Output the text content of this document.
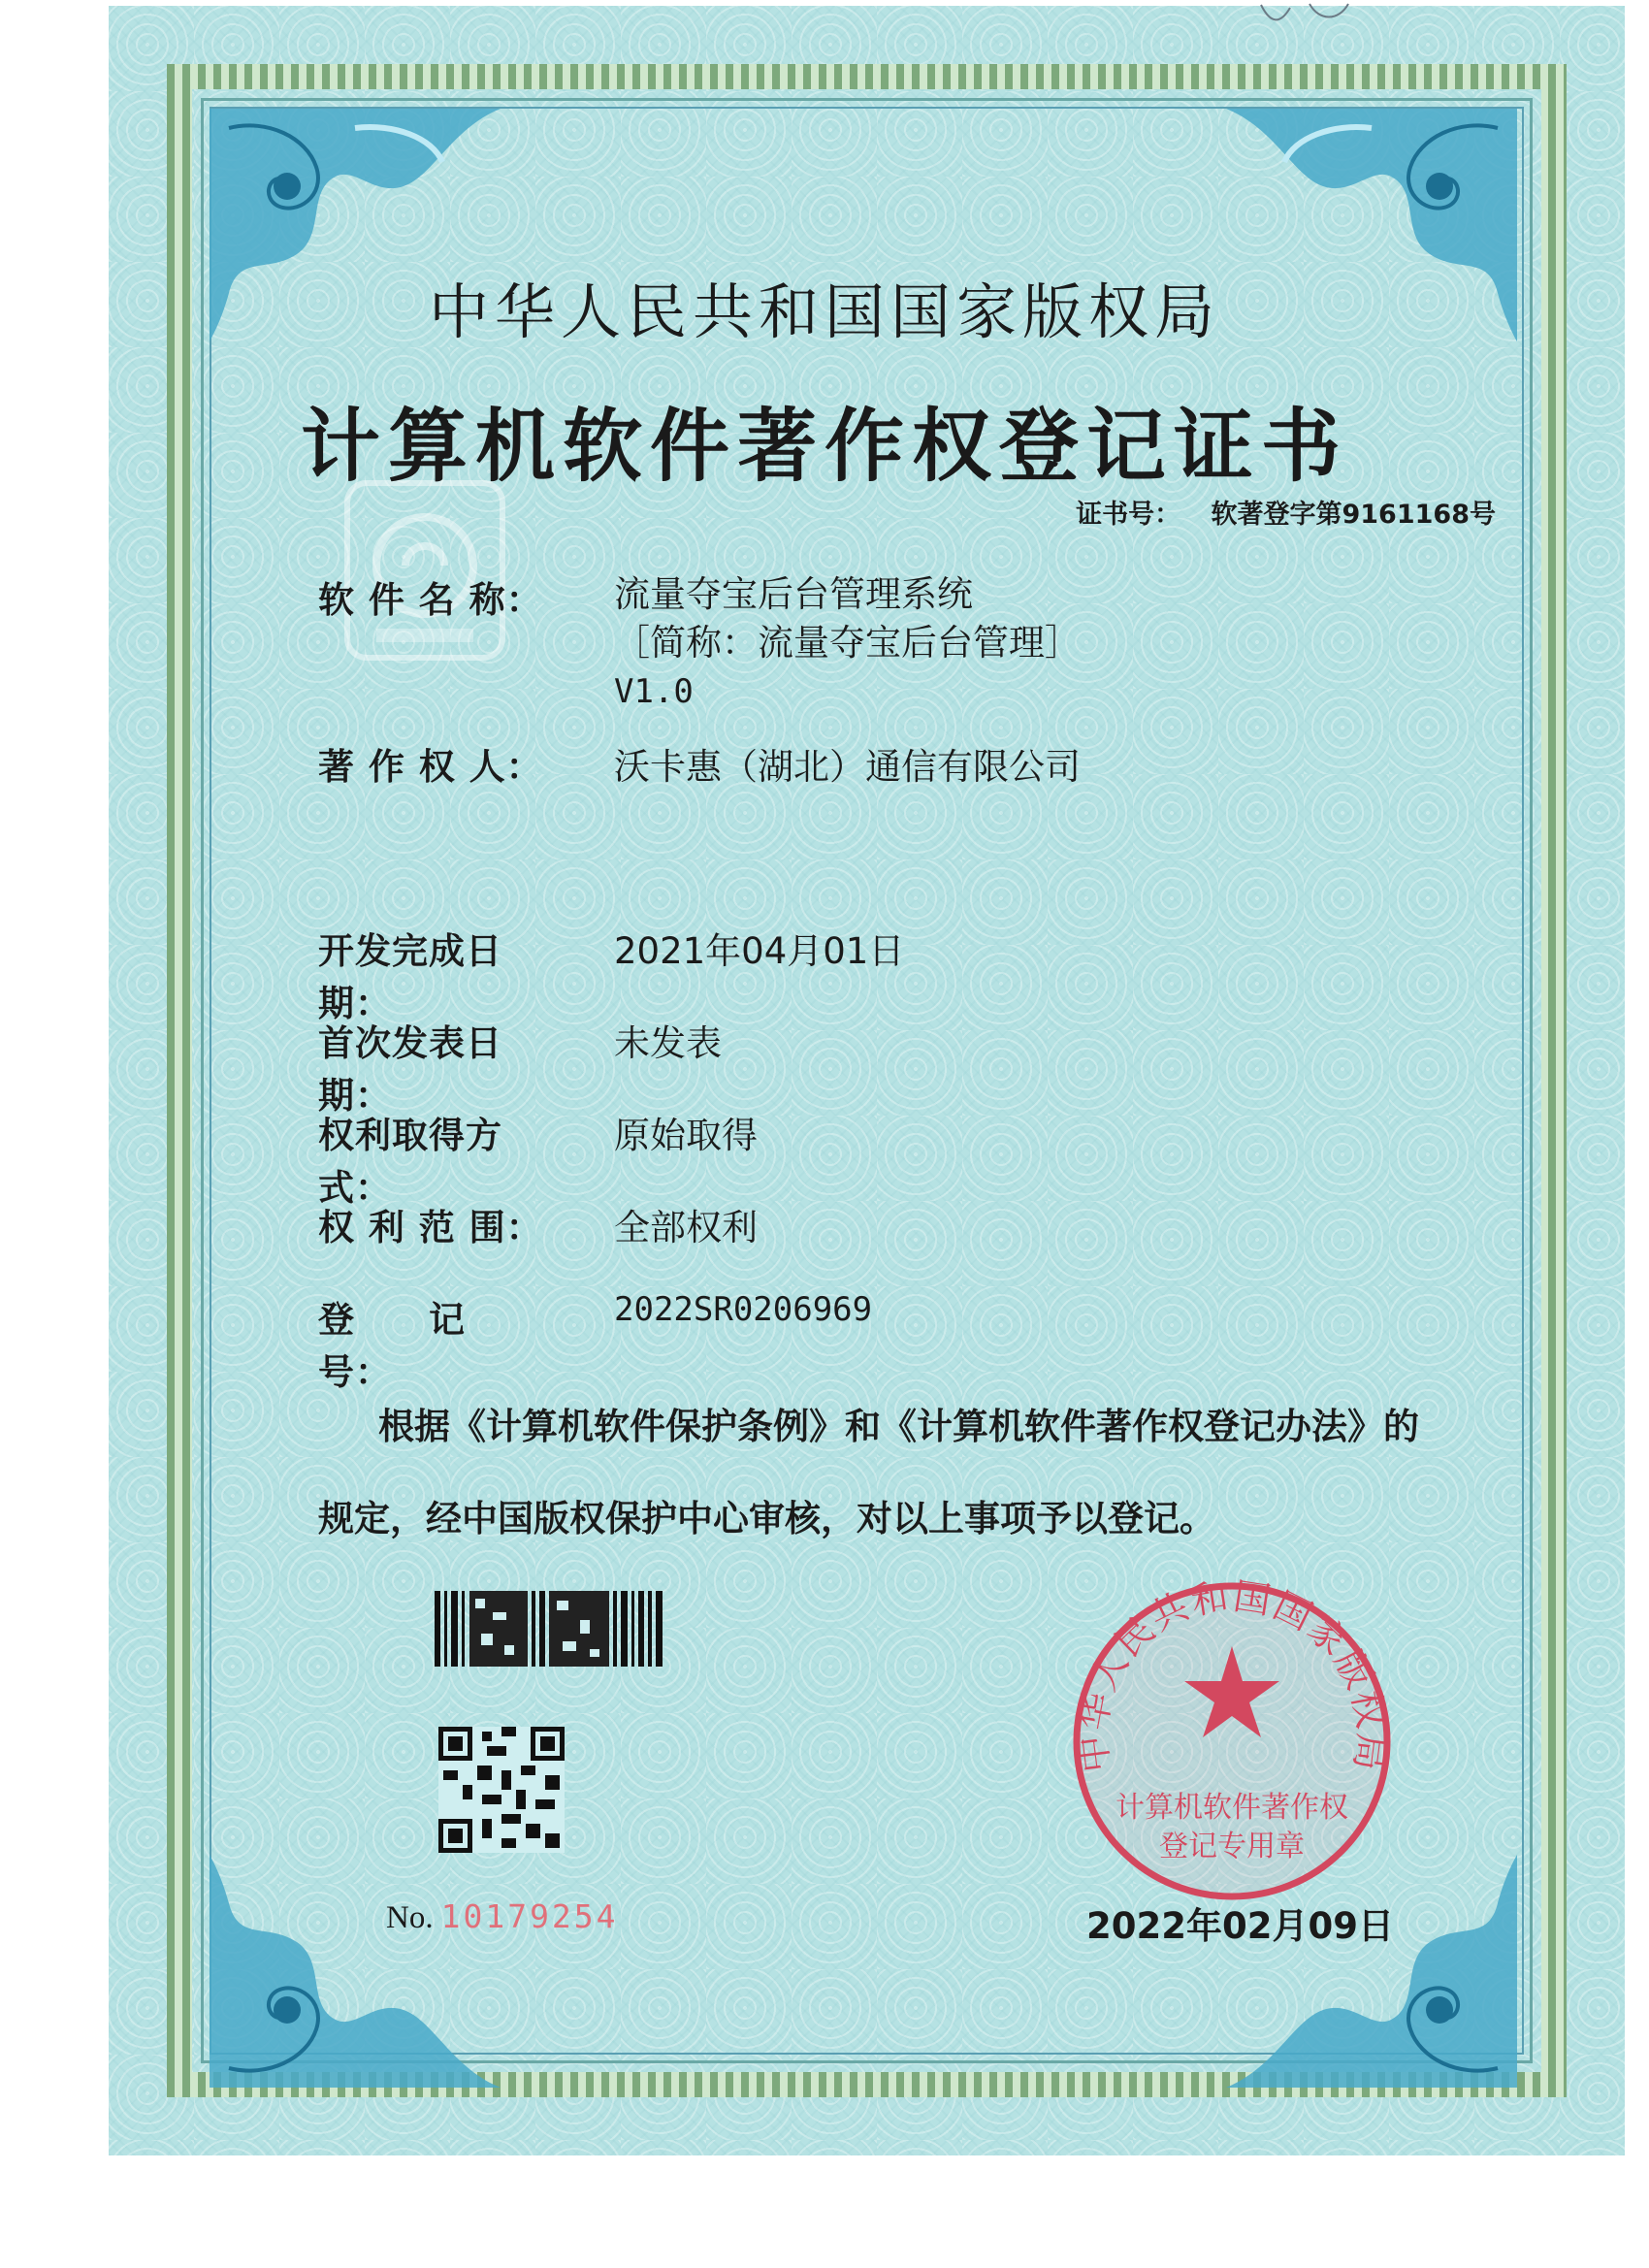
中华人民共和国国家版权局
计算机软件著作权登记证书
证书号： 软著登字第9161168号
软 件 名 称：	流量夺宝后台管理系统
［简称：流量夺宝后台管理］
V1.0
著 作 权 人：	沃卡惠（湖北）通信有限公司
开发完成日期：
2021年04月01日
首次发表日期：
未发表
权利取得方式：
原始取得
权 利 范 围：	全部权利
登　　记　　号：
2022SR0206969
根据《计算机软件保护条例》和《计算机软件著作权登记办法》的
规定，经中国版权保护中心审核，对以上事项予以登记。
No. 10179254
中华人民共和国国家版权局
计算机软件著作权
登记专用章
2022年02月09日
